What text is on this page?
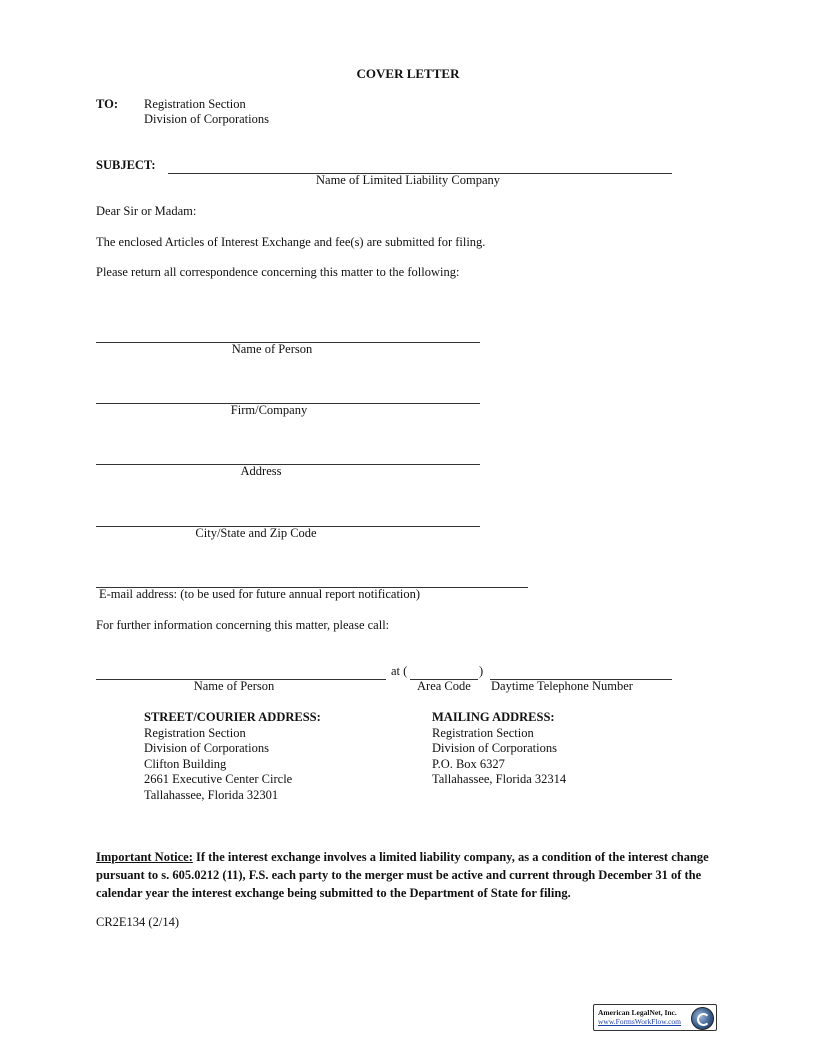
COVER LETTER
TO: Registration Section
Division of Corporations
SUBJECT:
Name of Limited Liability Company
Dear Sir or Madam:
The enclosed Articles of Interest Exchange and fee(s) are submitted for filing.
Please return all correspondence concerning this matter to the following:
Name of Person
Firm/Company
Address
City/State and Zip Code
E-mail address: (to be used for future annual report notification)
For further information concerning this matter, please call:
at (	)
Name of Person	Area Code Daytime Telephone Number
STREET/COURIER ADDRESS:
Registration Section
Division of Corporations
Clifton Building
2661 Executive Center Circle
Tallahassee, Florida 32301
MAILING ADDRESS:
Registration Section
Division of Corporations
P.O. Box 6327
Tallahassee, Florida 32314
Important Notice: If the interest exchange involves a limited liability company, as a condition of the interest change pursuant to s. 605.0212 (11), F.S. each party to the merger must be active and current through December 31 of the calendar year the interest exchange being submitted to the Department of State for filing.
CR2E134 (2/14)
American LegalNet, Inc.
www.FormsWorkFlow.com
